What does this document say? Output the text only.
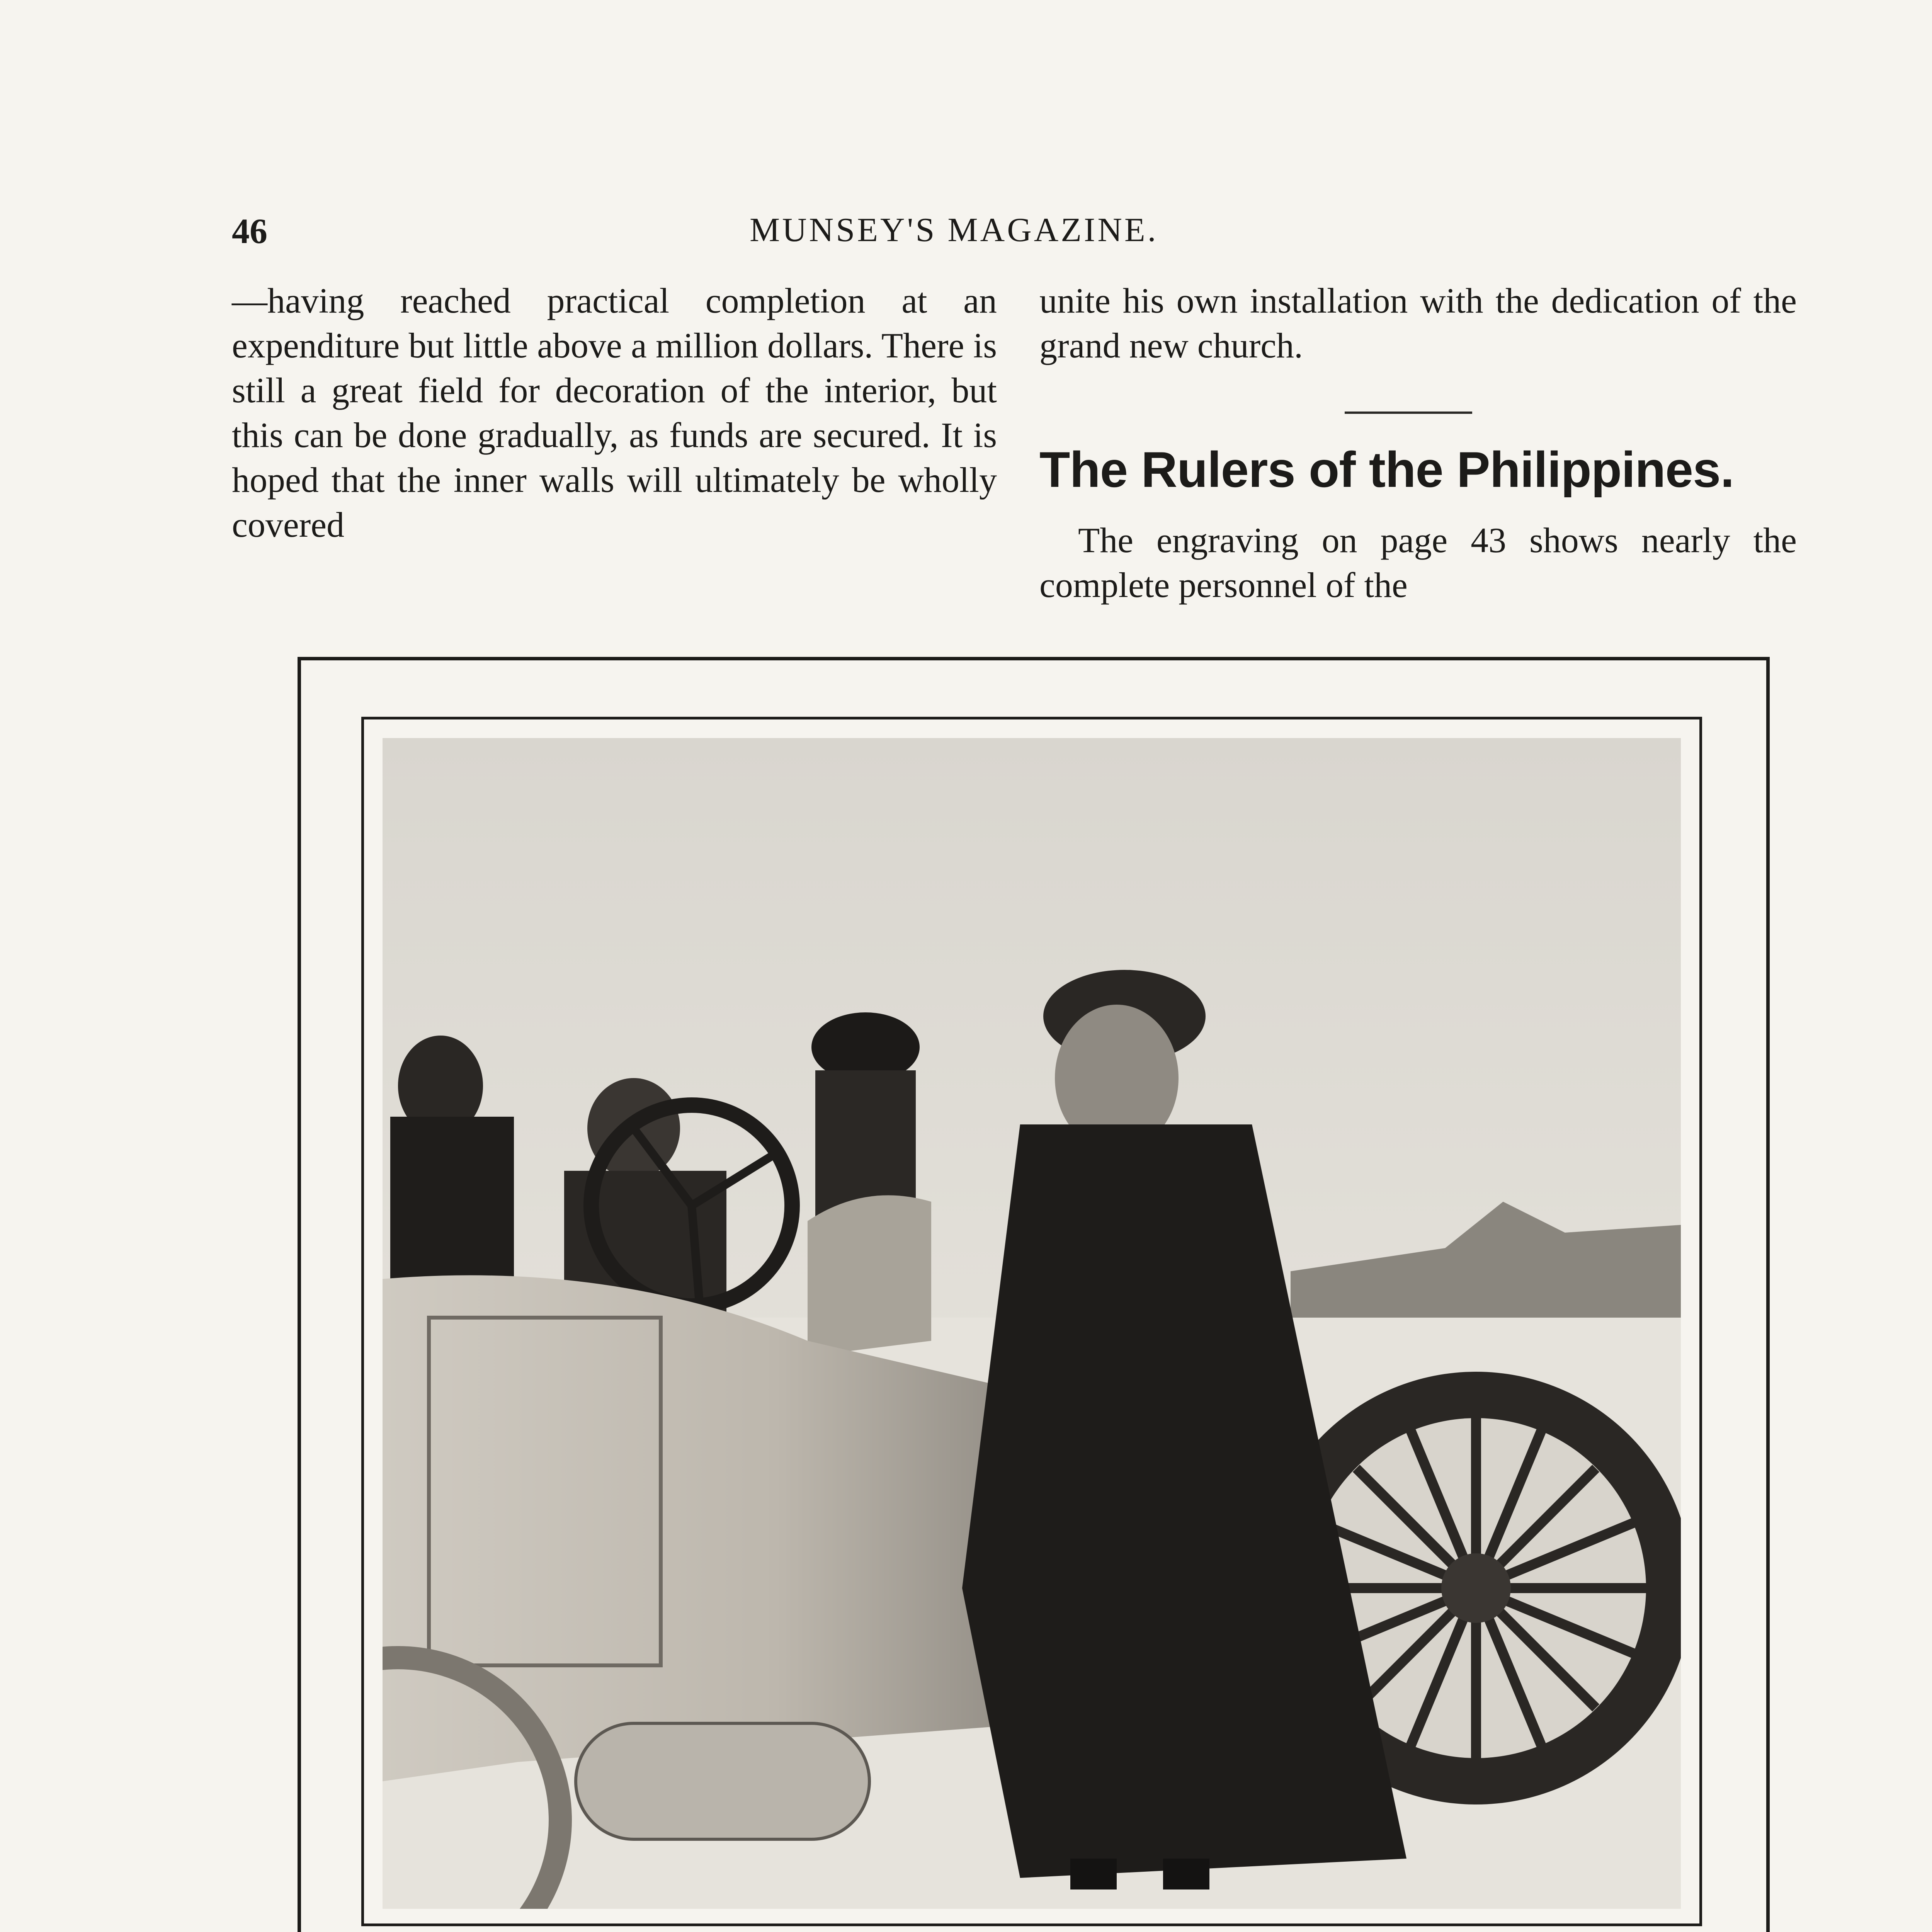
46	MUNSEY'S MAGAZINE.

—having reached practical completion at an expenditure but little above a million dollars. There is still a great field for decoration of the interior, but this can be done gradually, as funds are secured. It is hoped that the inner walls will ultimately be wholly covered

unite his own installation with the dedication of the grand new church.

The Rulers of the Philippines.

The engraving on page 43 shows nearly the complete personnel of the
